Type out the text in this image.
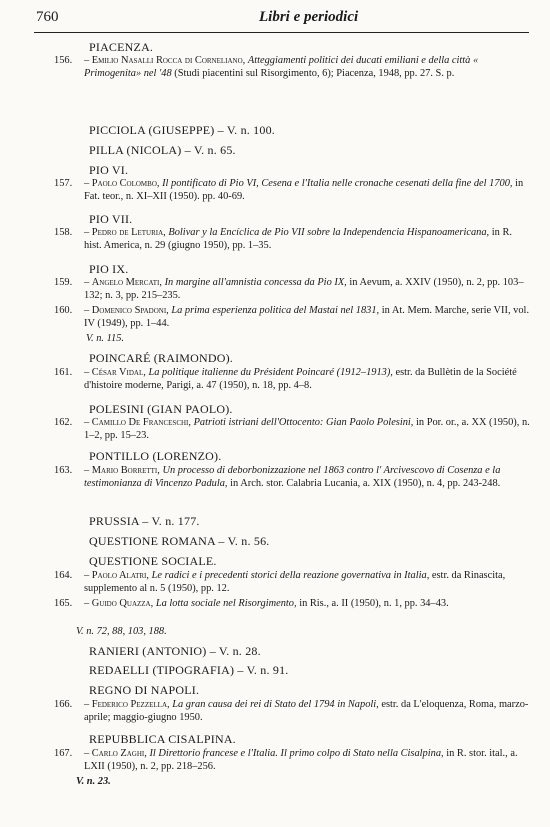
760	Libri e periodici
PIACENZA.
156. – Emilio Nasalli Rocca di Corneliano, Atteggiamenti politici dei ducati emiliani e della città « Primogenita» nel '48 (Studi piacentini sul Risorgimento, 6); Piacenza, 1948, pp. 27. S. p.
PICCIOLA (GIUSEPPE) – V. n. 100.
PILLA (NICOLA) – V. n. 65.
PIO VI.
157. – Paolo Colombo, Il pontificato di Pio VI, Cesena e l'Italia nelle cronache cesenati della fine del 1700, in Fat. teor., n. XI–XII (1950). pp. 40-69.
PIO VII.
158. – Pedro de Leturia, Bolivar y la Encíclica de Pio VII sobre la Independencia Hispanoamericana, in R. hist. America, n. 29 (giugno 1950), pp. 1–35.
PIO IX.
159. – Angelo Mercati, In margine all'amnistia concessa da Pio IX, in Aevum, a. XXIV (1950), n. 2, pp. 103–132; n. 3, pp. 215–235.
160. – Domenico Spadoni, La prima esperienza politica del Mastai nel 1831, in At. Mem. Marche, serie VII, vol. IV (1949), pp. 1–44.
V. n. 115.
POINCARÉ (RAIMONDO).
161. – César Vidal, La politique italienne du Président Poincaré (1912–1913), estr. da Bullètin de la Société d'histoire moderne, Parigi, a. 47 (1950), n. 18, pp. 4–8.
POLESINI (GIAN PAOLO).
162. – Camillo De Franceschi, Patrioti istriani dell'Ottocento: Gian Paolo Polesini, in Por. or., a. XX (1950), n. 1–2, pp. 15–23.
PONTILLO (LORENZO).
163. – Mario Borretti, Un processo di deborbonizzazione nel 1863 contro l' Arcivescovo di Cosenza e la testimonianza di Vincenzo Padula, in Arch. stor. Calabria Lucania, a. XIX (1950), n. 4, pp. 243-248.
PRUSSIA – V. n. 177.
QUESTIONE ROMANA – V. n. 56.
QUESTIONE SOCIALE.
164. – Paolo Alatri, Le radici e i precedenti storici della reazione governativa in Italia, estr. da Rinascita, supplemento al n. 5 (1950), pp. 12.
165. – Guido Quazza, La lotta sociale nel Risorgimento, in Ris., a. II (1950), n. 1, pp. 34–43.
V. n. 72, 88, 103, 188.
RANIERI (ANTONIO) – V. n. 28.
REDAELLI (TIPOGRAFIA) – V. n. 91.
REGNO DI NAPOLI.
166. – Federico Pezzella, La gran causa dei rei di Stato del 1794 in Napoli, estr. da L'eloquenza, Roma, marzo-aprile; maggio-giugno 1950.
REPUBBLICA CISALPINA.
167. – Carlo Zaghi, Il Direttorio francese e l'Italia. Il primo colpo di Stato nella Cisalpina, in R. stor. ital., a. LXII (1950), n. 2, pp. 218–256.
V. n. 23.
